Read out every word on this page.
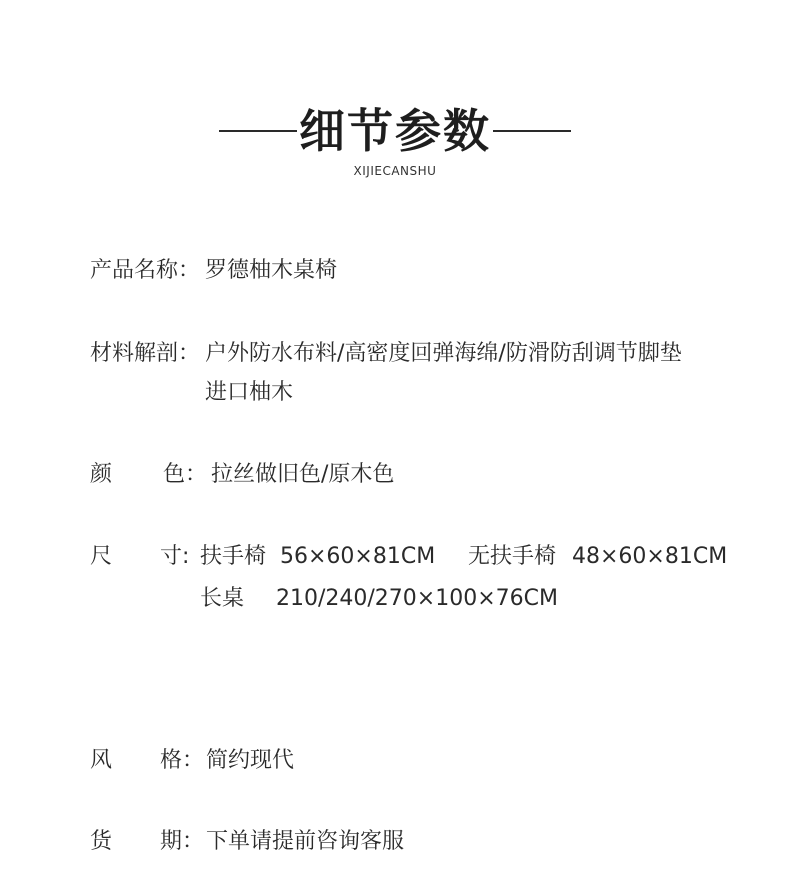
细节参数
XIJIECANSHU
产品名称： 罗德柚木桌椅
材料解剖： 户外防水布料/高密度回弹海绵/防滑防刮调节脚垫
进口柚木
颜 色： 拉丝做旧色/原木色
尺 寸: 扶手椅 56×60×81CM 无扶手椅 48×60×81CM
长桌 210/240/270×100×76CM
风 格： 简约现代
货 期： 下单请提前咨询客服
